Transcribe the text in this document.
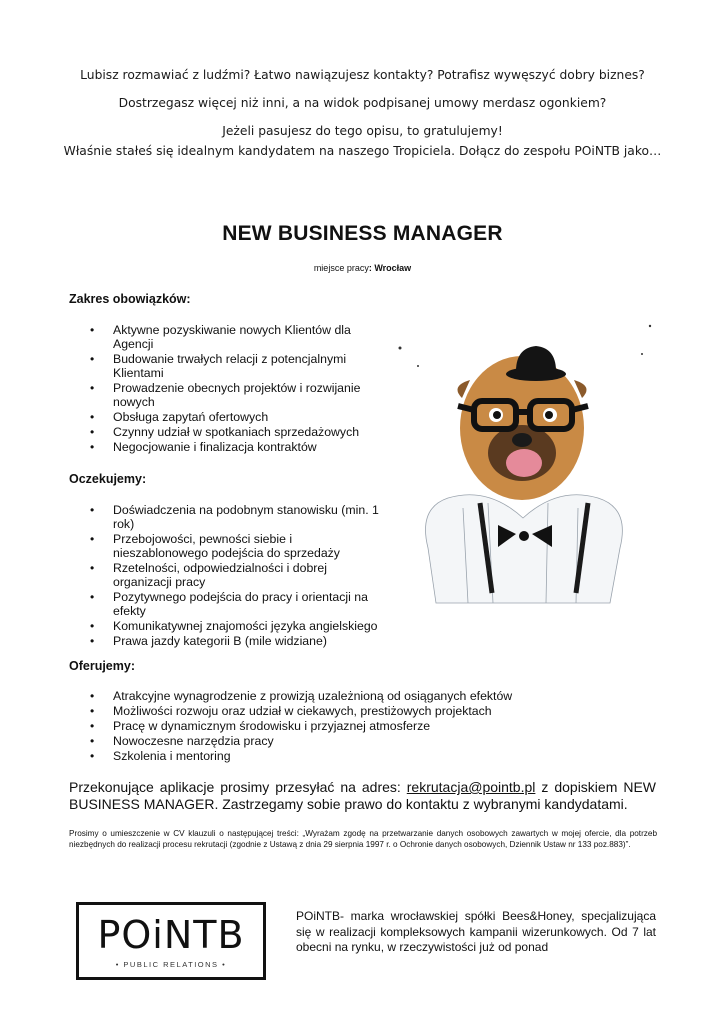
Lubisz rozmawiać z ludźmi? Łatwo nawiązujesz kontakty? Potrafisz wywęszyć dobry biznes?

Dostrzegasz więcej niż inni, a na widok podpisanej umowy merdasz ogonkiem?

Jeżeli pasujesz do tego opisu, to gratulujemy!

Właśnie stałeś się idealnym kandydatem na naszego Tropiciela. Dołącz do zespołu POiNTB jako…

NEW BUSINESS MANAGER
miejsce pracy: Wrocław
Zakres obowiązków:
• Aktywne pozyskiwanie nowych Klientów dla Agencji
• Budowanie trwałych relacji z potencjalnymi Klientami
• Prowadzenie obecnych projektów i rozwijanie nowych
• Obsługa zapytań ofertowych
• Czynny udział w spotkaniach sprzedażowych
• Negocjowanie i finalizacja kontraktów
Oczekujemy:
• Doświadczenia na podobnym stanowisku (min. 1 rok)
• Przebojowości, pewności siebie i nieszablonowego podejścia do sprzedaży
• Rzetelności, odpowiedzialności i dobrej organizacji pracy
• Pozytywnego podejścia do pracy i orientacji na efekty
• Komunikatywnej znajomości języka angielskiego
• Prawa jazdy kategorii B (mile widziane)
Oferujemy:
• Atrakcyjne wynagrodzenie z prowizją uzależnioną od osiąganych efektów
• Możliwości rozwoju oraz udział w ciekawych, prestiżowych projektach
• Pracę w dynamicznym środowisku i przyjaznej atmosferze
• Nowoczesne narzędzia pracy
• Szkolenia i mentoring
Przekonujące aplikacje prosimy przesyłać na adres: rekrutacja@pointb.pl z dopiskiem NEW BUSINESS MANAGER. Zastrzegamy sobie prawo do kontaktu z wybranymi kandydatami.
Prosimy o umieszczenie w CV klauzuli o następującej treści: „Wyrażam zgodę na przetwarzanie danych osobowych zawartych w mojej ofercie, dla potrzeb niezbędnych do realizacji procesu rekrutacji (zgodnie z Ustawą z dnia 29 sierpnia 1997 r. o Ochronie danych osobowych, Dziennik Ustaw nr 133 poz.883)”.
POiNTB
• PUBLIC RELATIONS •
POiNTB- marka wrocławskiej spółki Bees&Honey, specjalizująca się w realizacji kompleksowych kampanii wizerunkowych. Od 7 lat obecni na rynku, w rzeczywistości już od ponad
